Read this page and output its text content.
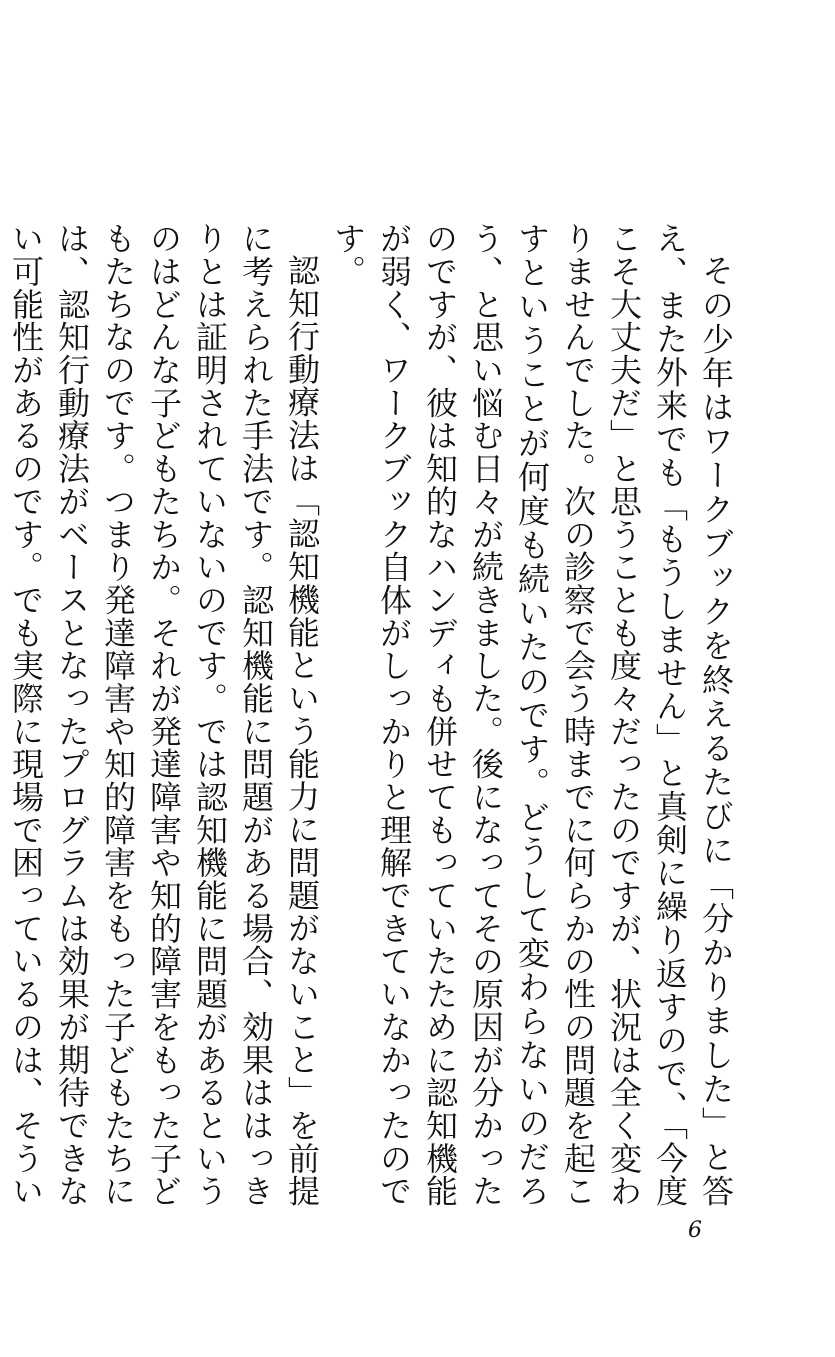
その少年はワークブックを終えるたびに「分かりました」と答え、また外来でも「もうしません」と真剣に繰り返すので、「今度こそ大丈夫だ」と思うことも度々だったのですが、状況は全く変わりませんでした。次の診察で会う時までに何らかの性の問題を起こすということが何度も続いたのです。どうして変わらないのだろう、と思い悩む日々が続きました。後になってその原因が分かったのですが、彼は知的なハンディも併せてもっていたために認知機能が弱く、ワークブック自体がしっかりと理解できていなかったのです。

認知行動療法は「認知機能という能力に問題がないこと」を前提に考えられた手法です。認知機能に問題がある場合、効果ははっきりとは証明されていないのです。では認知機能に問題があるというのはどんな子どもたちか。それが発達障害や知的障害をもった子どもたちなのです。つまり発達障害や知的障害をもった子どもたちには、認知行動療法がベースとなったプログラムは効果が期待できない可能性があるのです。でも実際に現場で困っているのは、そうい

6
